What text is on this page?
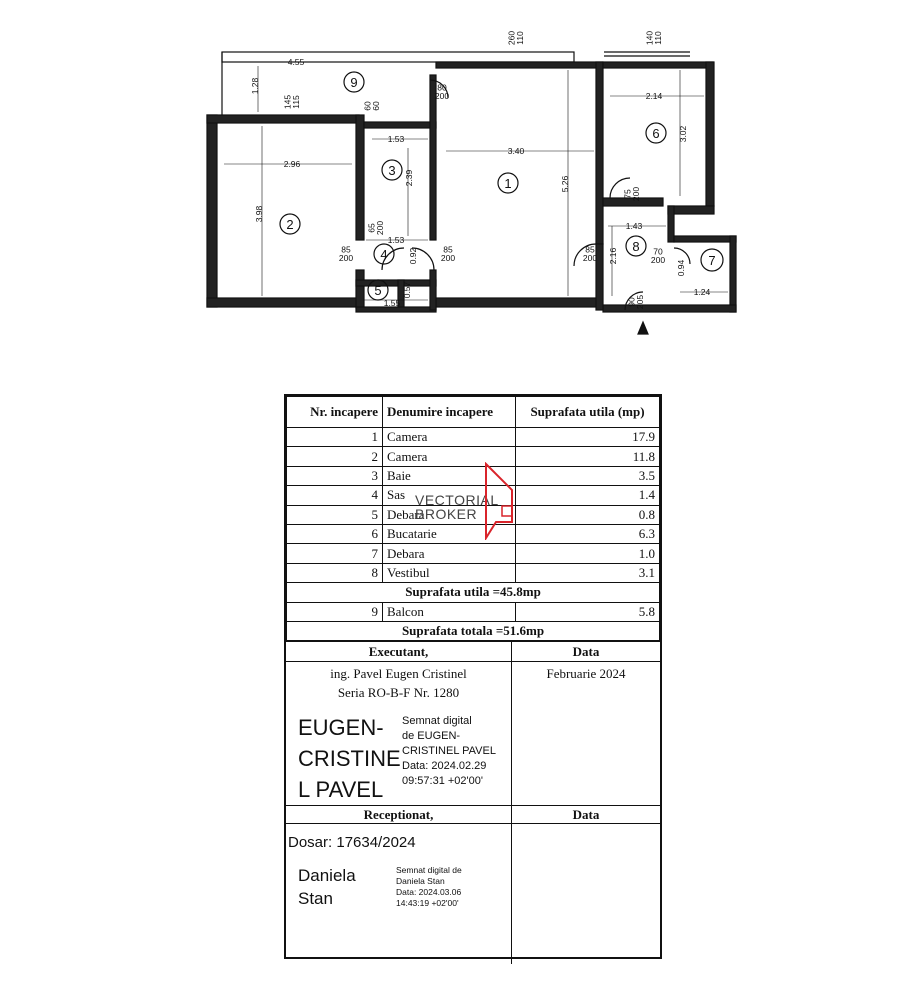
9
3
1
6
2
4
5
8
7
4.55
260110	140110
1.28
145115	6060
80 200	2.14
1.53
3.40
3.02
2.96
2.39	5.26
3.98
75200
65200	1.43
1.53
85 200	0.92	85 200
85 200 2.16	70 200 0.94
0.57	1.24
1.55	90205
Nr. incapere	Denumire incapere	Suprafata utila (mp)
1	Camera	17.9
2	Camera	11.8
3	Baie	3.5
4	Sas	1.4
5	Debara	0.8
6	Bucatarie	6.3
7	Debara	1.0
8	Vestibul	3.1
Suprafata utila =45.8mp		
9	Balcon	5.8
Suprafata totala =51.6mp		
Executant,	Data
ing. Pavel Eugen Cristinel
Seria RO-B-F Nr. 1280
EUGEN-
CRISTINE
L PAVEL
Semnat digital
de EUGEN-
CRISTINEL PAVEL
Data: 2024.02.29
09:57:31 +02'00'
Februarie 2024
Receptionat,	Data
Dosar: 17634/2024
Daniela
Stan
Semnat digital de
Daniela Stan
Data: 2024.03.06
14:43:19 +02'00'
VECTORIAL
BROKER
